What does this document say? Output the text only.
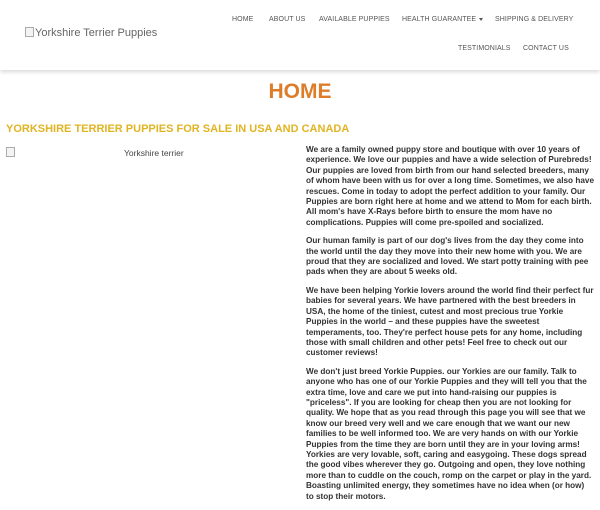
HOME
Yorkshire Terrier Puppies
HOME ABOUT US AVAILABLE PUPPIES HEALTH GUARANTEE	SHIPPING & DELIVERY
TESTIMONIALS CONTACT US
YORKSHIRE TERRIER PUPPIES FOR SALE IN USA AND CANADA
Yorkshire terrier	We are a family owned puppy store and boutique with over 10 years of experience. We love our puppies and have a wide selection of Purebreds! Our puppies are loved from birth from our hand selected breeders, many of whom have been with us for over a long time. Sometimes, we also have rescues. Come in today to adopt the perfect addition to your family. Our Puppies are born right here at home and we attend to Mom for each birth. All mom's have X-Rays before birth to ensure the mom have no complications. Puppies will come pre-spoiled and socialized.

Our human family is part of our dog's lives from the day they come into the world until the day they move into their new home with you. We are proud that they are socialized and loved. We start potty training with pee pads when they are about 5 weeks old.

We have been helping Yorkie lovers around the world find their perfect fur babies for several years. We have partnered with the best breeders in USA, the home of the tiniest, cutest and most precious true Yorkie Puppies in the world – and these puppies have the sweetest temperaments, too. They're perfect house pets for any home, including those with small children and other pets! Feel free to check out our customer reviews!

We don't just breed Yorkie Puppies. our Yorkies are our family. Talk to anyone who has one of our Yorkie Puppies and they will tell you that the extra time, love and care we put into hand-raising our puppies is "priceless". If you are looking for cheap then you are not looking for quality. We hope that as you read through this page you will see that we know our breed very well and we care enough that we want our new families to be well informed too. We are very hands on with our Yorkie Puppies from the time they are born until they are in your loving arms! Yorkies are very lovable, soft, caring and easygoing. These dogs spread the good vibes wherever they go. Outgoing and open, they love nothing more than to cuddle on the couch, romp on the carpet or play in the yard. Boasting unlimited energy, they sometimes have no idea when (or how) to stop their motors.
